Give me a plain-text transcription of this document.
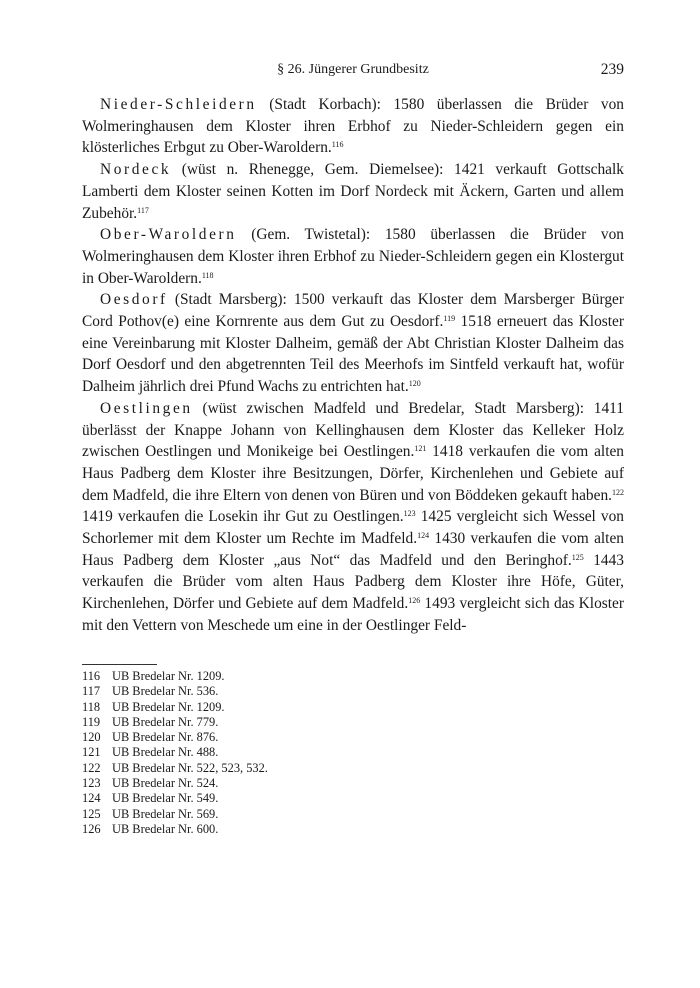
§ 26. Jüngerer Grundbesitz	239

Nieder-Schleidern (Stadt Korbach): 1580 überlassen die Brüder von Wolmeringhausen dem Kloster ihren Erbhof zu Nieder-Schleidern gegen ein klösterliches Erbgut zu Ober-Waroldern.$^{116}$

Nordeck (wüst n. Rhenegge, Gem. Diemelsee): 1421 verkauft Gottschalk Lamberti dem Kloster seinen Kotten im Dorf Nordeck mit Äckern, Garten und allem Zubehör.$^{117}$

Ober-Waroldern (Gem. Twistetal): 1580 überlassen die Brüder von Wolmeringhausen dem Kloster ihren Erbhof zu Nieder-Schleidern gegen ein Klostergut in Ober-Waroldern.$^{118}$

Oesdorf (Stadt Marsberg): 1500 verkauft das Kloster dem Marsberger Bürger Cord Pothov(e) eine Kornrente aus dem Gut zu Oesdorf.$^{119}$ 1518 erneuert das Kloster eine Vereinbarung mit Kloster Dalheim, gemäß der Abt Christian Kloster Dalheim das Dorf Oesdorf und den abgetrennten Teil des Meerhofs im Sintfeld verkauft hat, wofür Dalheim jährlich drei Pfund Wachs zu entrichten hat.$^{120}$

Oestlingen (wüst zwischen Madfeld und Bredelar, Stadt Marsberg): 1411 überlässt der Knappe Johann von Kellinghausen dem Kloster das Kelleker Holz zwischen Oestlingen und Monikeige bei Oestlingen.$^{121}$ 1418 verkaufen die vom alten Haus Padberg dem Kloster ihre Besitzungen, Dörfer, Kirchenlehen und Gebiete auf dem Madfeld, die ihre Eltern von denen von Büren und von Böddeken gekauft haben.$^{122}$ 1419 verkaufen die Losekin ihr Gut zu Oestlingen.$^{123}$ 1425 vergleicht sich Wessel von Schorlemer mit dem Kloster um Rechte im Madfeld.$^{124}$ 1430 verkaufen die vom alten Haus Padberg dem Kloster „aus Not“ das Madfeld und den Beringhof.$^{125}$ 1443 verkaufen die Brüder vom alten Haus Padberg dem Kloster ihre Höfe, Güter, Kirchenlehen, Dörfer und Gebiete auf dem Madfeld.$^{126}$ 1493 vergleicht sich das Kloster mit den Vettern von Meschede um eine in der Oestlinger Feld-

116 UB Bredelar Nr. 1209.
117 UB Bredelar Nr. 536.
118 UB Bredelar Nr. 1209.
119 UB Bredelar Nr. 779.
120 UB Bredelar Nr. 876.
121 UB Bredelar Nr. 488.
122 UB Bredelar Nr. 522, 523, 532.
123 UB Bredelar Nr. 524.
124 UB Bredelar Nr. 549.
125 UB Bredelar Nr. 569.
126 UB Bredelar Nr. 600.
